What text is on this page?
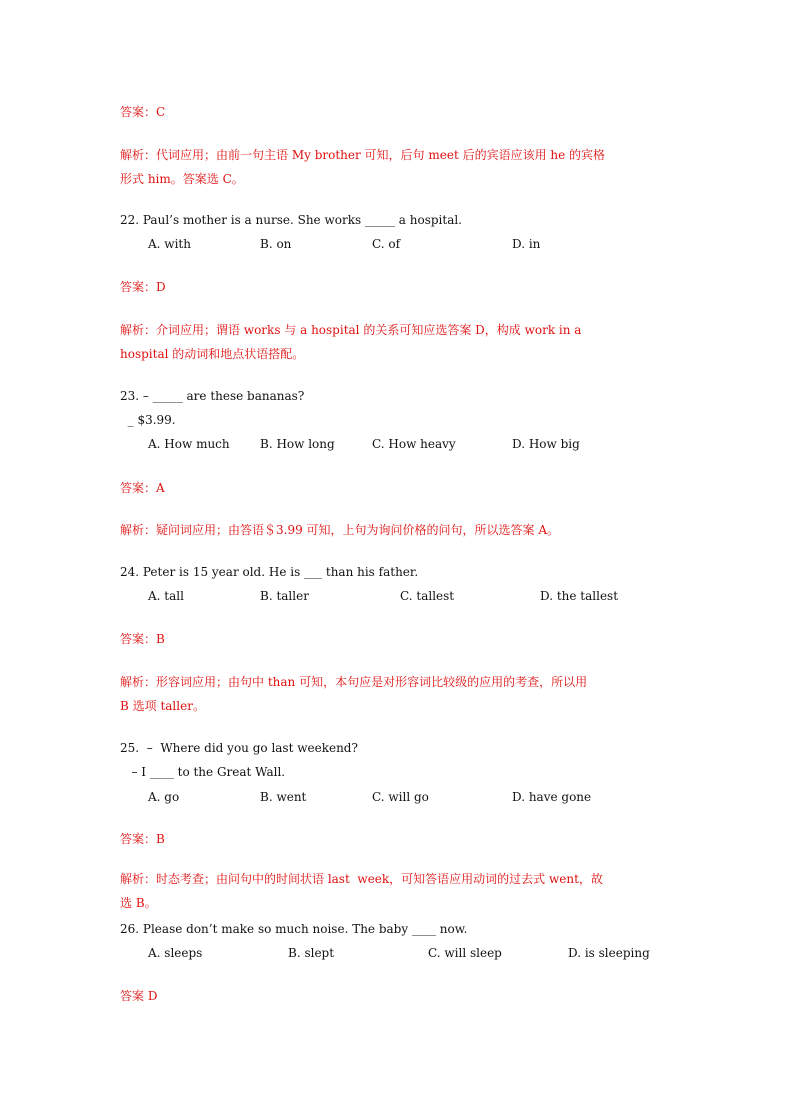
答案：C
解析：代词应用；由前一句主语 My brother 可知，后句 meet 后的宾语应该用 he 的宾格
形式 him。答案选 C。
22. Paul’s mother is a nurse. She works _____ a hospital.
A. with	B. on	C. of	D. in
答案：D
解析：介词应用；谓语 works 与 a hospital 的关系可知应选答案 D，构成 work in a
hospital 的动词和地点状语搭配。
23. – _____ are these bananas?
_ $3.99.
A. How much	B. How long	C. How heavy	D. How big
答案：A
解析：疑问词应用；由答语＄3.99 可知，上句为询问价格的问句，所以选答案 A。
24. Peter is 15 year old. He is ___ than his father.
A. tall	B. taller	C. tallest	D. the tallest
答案：B
解析：形容词应用；由句中 than 可知，本句应是对形容词比较级的应用的考查，所以用
B 选项 taller。
25.  –  Where did you go last weekend?
– I ____ to the Great Wall.
A. go	B. went	C. will go	D. have gone
答案：B
解析：时态考查；由问句中的时间状语 last  week，可知答语应用动词的过去式 went，故
选 B。
26. Please don’t make so much noise. The baby ____ now.
A. sleeps	B. slept	C. will sleep	D. is sleeping
答案 D
